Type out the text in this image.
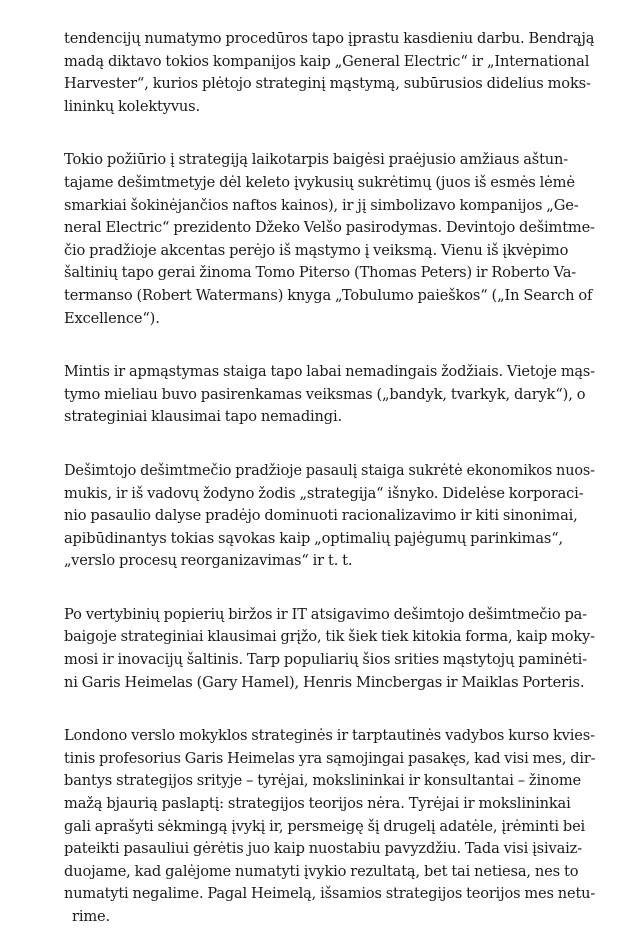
tendencijų numatymo procedūros tapo įprastu kasdieniu darbu. Bendrąją
madą diktavo tokios kompanijos kaip „General Electric“ ir „International
Harvester“, kurios plėtojo strateginį mąstymą, subūrusios didelius moks-
lininkų kolektyvus.

Tokio požiūrio į strategiją laikotarpis baigėsi praėjusio amžiaus aštun-
tajame dešimtmetyje dėl keleto įvykusių sukrėtimų (juos iš esmės lėmė
smarkiai šokinėjančios naftos kainos), ir jį simbolizavo kompanijos „Ge-
neral Electric“ prezidento Džeko Velšo pasirodymas. Devintojo dešimtme-
čio pradžioje akcentas perėjo iš mąstymo į veiksmą. Vienu iš įkvėpimo
šaltinių tapo gerai žinoma Tomo Piterso (Thomas Peters) ir Roberto Va-
termanso (Robert Watermans) knyga „Tobulumo paieškos“ („In Search of
Excellence“).

Mintis ir apmąstymas staiga tapo labai nemadingais žodžiais. Vietoje mąs-
tymo mieliau buvo pasirenkamas veiksmas („bandyk, tvarkyk, daryk“), o
strateginiai klausimai tapo nemadingi.

Dešimtojo dešimtmečio pradžioje pasaulį staiga sukrėtė ekonomikos nuos-
mukis, ir iš vadovų žodyno žodis „strategija“ išnyko. Didelėse korporaci-
nio pasaulio dalyse pradėjo dominuoti racionalizavimo ir kiti sinonimai,
apibūdinantys tokias sąvokas kaip „optimalių pajėgumų parinkimas“,
„verslo procesų reorganizavimas“ ir t. t.

Po vertybinių popierių biržos ir IT atsigavimo dešimtojo dešimtmečio pa-
baigoje strateginiai klausimai grįžo, tik šiek tiek kitokia forma, kaip moky-
mosi ir inovacijų šaltinis. Tarp populiarių šios srities mąstytojų paminėti-
ni Garis Heimelas (Gary Hamel), Henris Mincbergas ir Maiklas Porteris.

Londono verslo mokyklos strateginės ir tarptautinės vadybos kurso kvies-
tinis profesorius Garis Heimelas yra sąmojingai pasakęs, kad visi mes, dir-
bantys strategijos srityje – tyrėjai, mokslininkai ir konsultantai – žinome
mažą bjaurią paslaptį: strategijos teorijos nėra. Tyrėjai ir mokslininkai
gali aprašyti sėkmingą įvykį ir, persmeigę šį drugelį adatėle, įrėminti bei
pateikti pasauliui gėrėtis juo kaip nuostabiu pavyzdžiu. Tada visi įsivaiz-
duojame, kad galėjome numatyti įvykio rezultatą, bet tai netiesa, nes to
numatyti negalime. Pagal Heimelą, išsamios strategijos teorijos mes netu-
rime.
